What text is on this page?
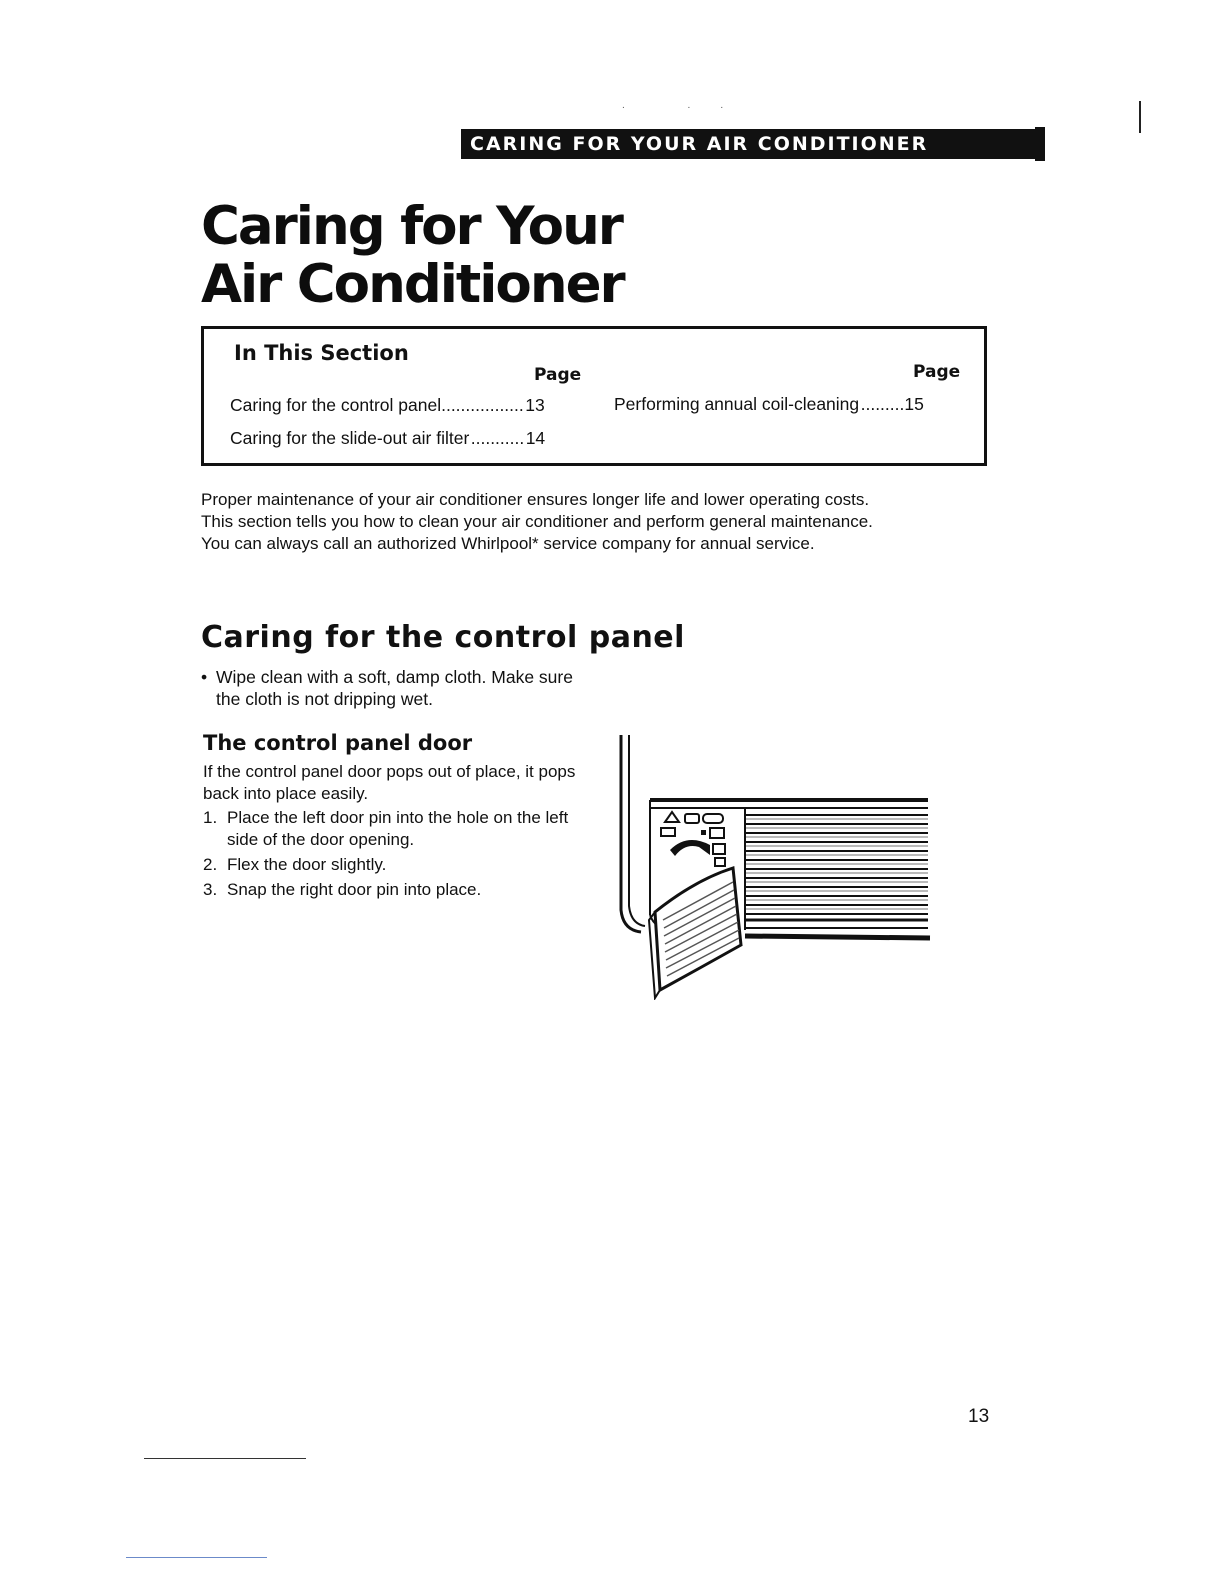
. ..
CARING FOR YOUR AIR CONDITIONER
Caring for Your
Air Conditioner
In This Section
Page	Page
Caring for the control panel................. 13
Caring for the slide-out air filter ........... 14
Performing annual coil-cleaning .........15

Proper maintenance of your air conditioner ensures longer life and lower operating costs.

This section tells you how to clean your air conditioner and perform general maintenance.

You can always call an authorized Whirlpool* service company for annual service.

Caring for the control panel
• Wipe clean with a soft, damp cloth. Make sure the cloth is not dripping wet.
The control panel door
If the control panel door pops out of place, it pops back into place easily.
1. Place the left door pin into the hole on the left side of the door opening.
2. Flex the door slightly.
3. Snap the right door pin into place.
13
